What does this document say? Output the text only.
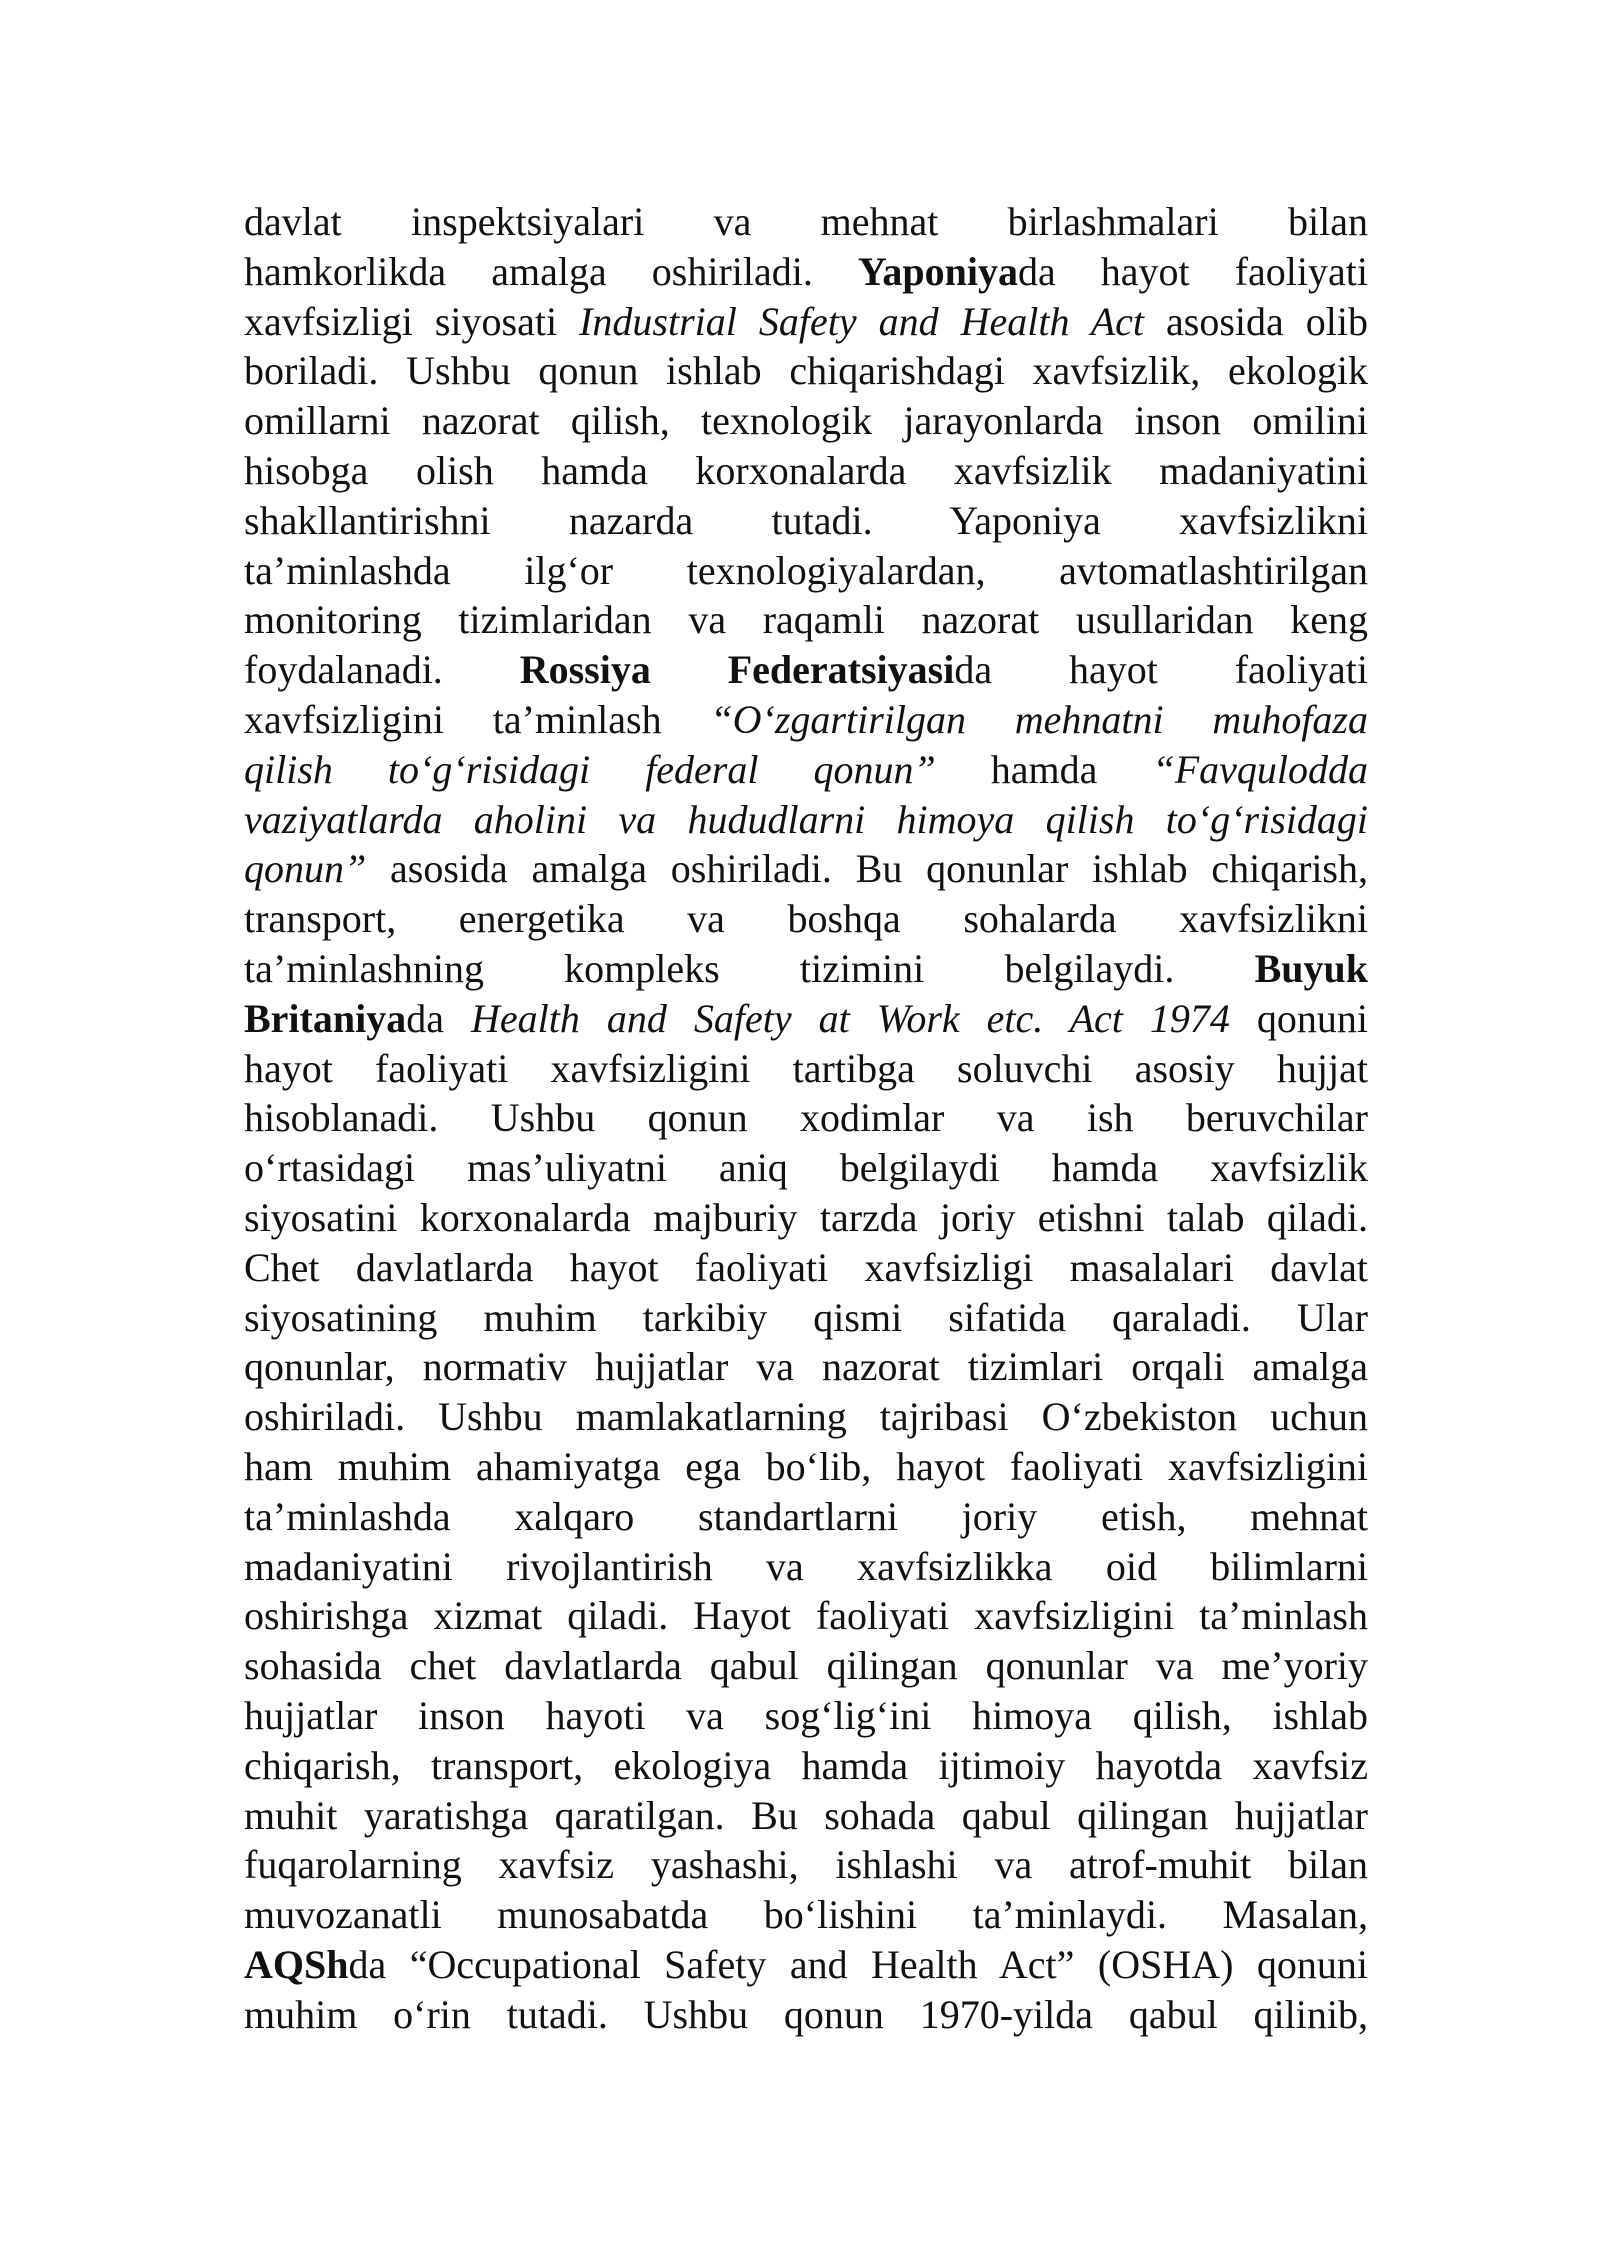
davlat inspektsiyalari va mehnat birlashmalari bilan
hamkorlikda amalga oshiriladi. Yaponiyada hayot faoliyati
xavfsizligi siyosati Industrial Safety and Health Act asosida olib
boriladi. Ushbu qonun ishlab chiqarishdagi xavfsizlik, ekologik
omillarni nazorat qilish, texnologik jarayonlarda inson omilini
hisobga olish hamda korxonalarda xavfsizlik madaniyatini
shakllantirishni nazarda tutadi. Yaponiya xavfsizlikni
ta’minlashda ilg‘or texnologiyalardan, avtomatlashtirilgan
monitoring tizimlaridan va raqamli nazorat usullaridan keng
foydalanadi. Rossiya Federatsiyasida hayot faoliyati
xavfsizligini ta’minlash “O‘zgartirilgan mehnatni muhofaza
qilish to‘g‘risidagi federal qonun” hamda “Favqulodda
vaziyatlarda aholini va hududlarni himoya qilish to‘g‘risidagi
qonun” asosida amalga oshiriladi. Bu qonunlar ishlab chiqarish,
transport, energetika va boshqa sohalarda xavfsizlikni
ta’minlashning kompleks tizimini belgilaydi. Buyuk
Britaniyada Health and Safety at Work etc. Act 1974 qonuni
hayot faoliyati xavfsizligini tartibga soluvchi asosiy hujjat
hisoblanadi. Ushbu qonun xodimlar va ish beruvchilar
o‘rtasidagi mas’uliyatni aniq belgilaydi hamda xavfsizlik
siyosatini korxonalarda majburiy tarzda joriy etishni talab qiladi.
Chet davlatlarda hayot faoliyati xavfsizligi masalalari davlat
siyosatining muhim tarkibiy qismi sifatida qaraladi. Ular
qonunlar, normativ hujjatlar va nazorat tizimlari orqali amalga
oshiriladi. Ushbu mamlakatlarning tajribasi O‘zbekiston uchun
ham muhim ahamiyatga ega bo‘lib, hayot faoliyati xavfsizligini
ta’minlashda xalqaro standartlarni joriy etish, mehnat
madaniyatini rivojlantirish va xavfsizlikka oid bilimlarni
oshirishga xizmat qiladi. Hayot faoliyati xavfsizligini ta’minlash
sohasida chet davlatlarda qabul qilingan qonunlar va me’yoriy
hujjatlar inson hayoti va sog‘lig‘ini himoya qilish, ishlab
chiqarish, transport, ekologiya hamda ijtimoiy hayotda xavfsiz
muhit yaratishga qaratilgan. Bu sohada qabul qilingan hujjatlar
fuqarolarning xavfsiz yashashi, ishlashi va atrof-muhit bilan
muvozanatli munosabatda bo‘lishini ta’minlaydi. Masalan,
AQShda “Occupational Safety and Health Act” (OSHA) qonuni
muhim o‘rin tutadi. Ushbu qonun 1970-yilda qabul qilinib,
